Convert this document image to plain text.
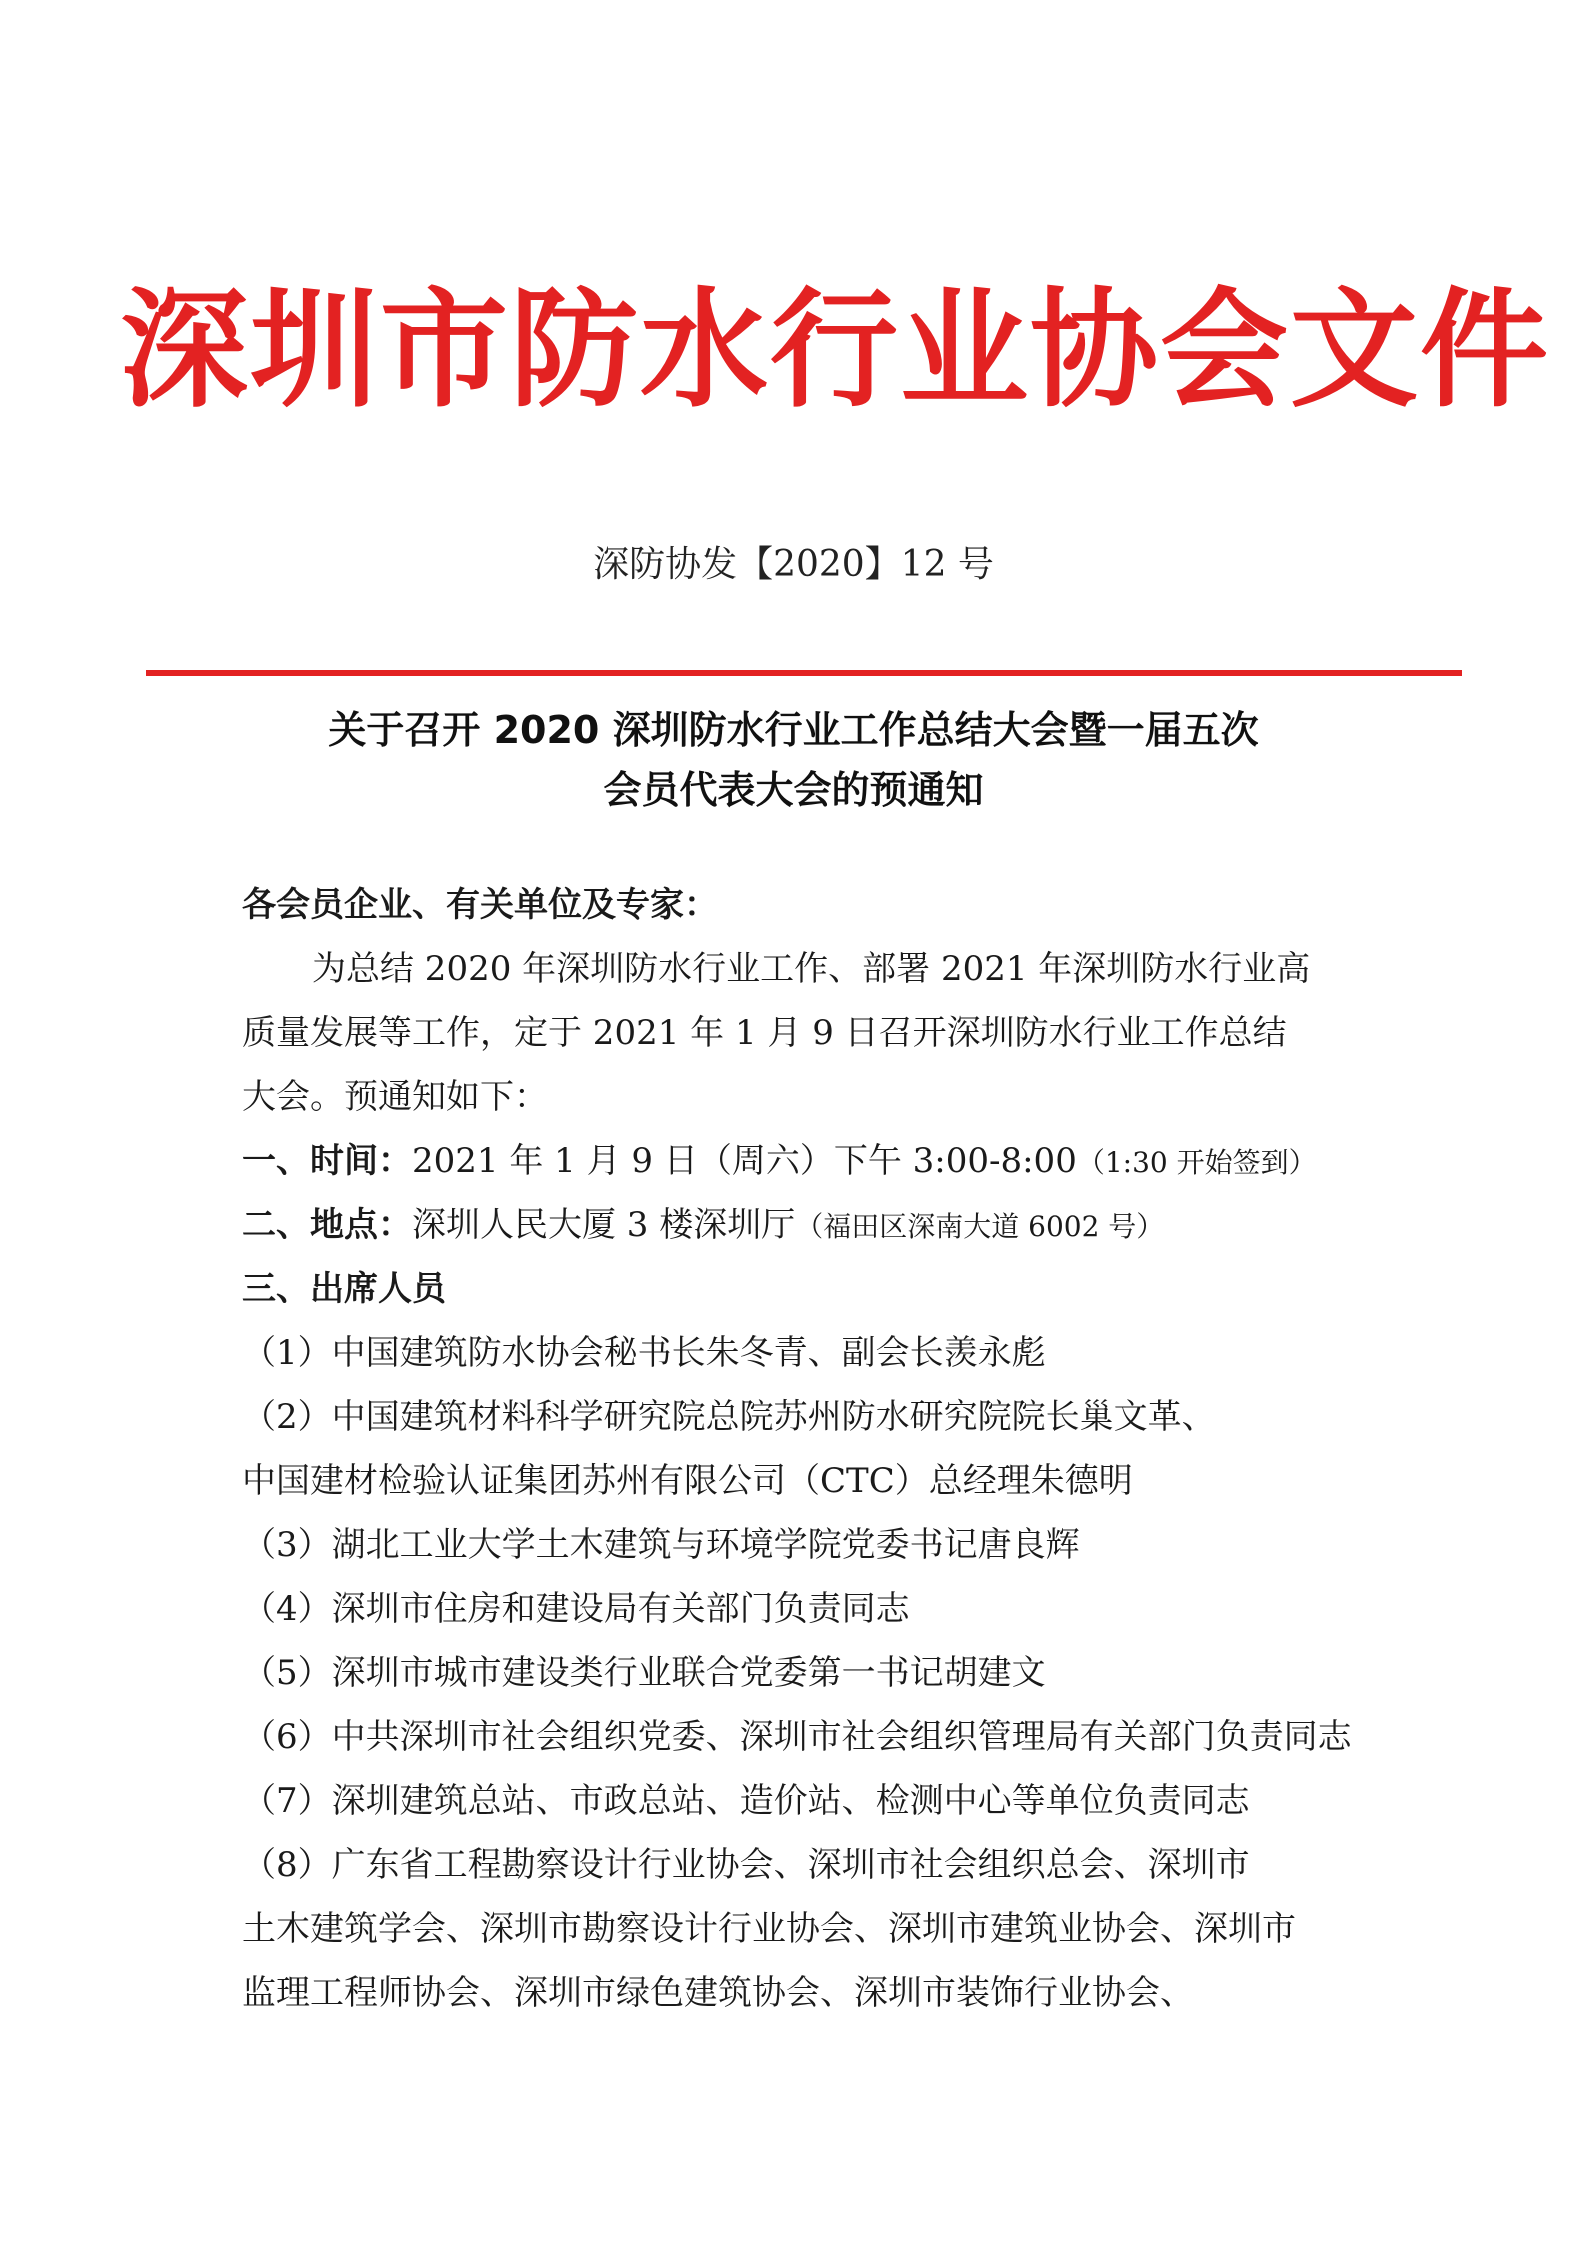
深圳市防水行业协会文件
深防协发【2020】12 号
关于召开 2020 深圳防水行业工作总结大会暨一届五次
会员代表大会的预通知
各会员企业、有关单位及专家：
为总结 2020 年深圳防水行业工作、部署 2021 年深圳防水行业高
质量发展等工作，定于 2021 年 1 月 9 日召开深圳防水行业工作总结
大会。预通知如下：
一、时间：2021 年 1 月 9 日（周六）下午 3:00-8:00（1:30 开始签到）
二、地点：深圳人民大厦 3 楼深圳厅（福田区深南大道 6002 号）
三、出席人员
（1）中国建筑防水协会秘书长朱冬青、副会长羡永彪
（2）中国建筑材料科学研究院总院苏州防水研究院院长巢文革、
中国建材检验认证集团苏州有限公司（CTC）总经理朱德明
（3）湖北工业大学土木建筑与环境学院党委书记唐良辉
（4）深圳市住房和建设局有关部门负责同志
（5）深圳市城市建设类行业联合党委第一书记胡建文
（6）中共深圳市社会组织党委、深圳市社会组织管理局有关部门负责同志
（7）深圳建筑总站、市政总站、造价站、检测中心等单位负责同志
（8）广东省工程勘察设计行业协会、深圳市社会组织总会、深圳市
土木建筑学会、深圳市勘察设计行业协会、深圳市建筑业协会、深圳市
监理工程师协会、深圳市绿色建筑协会、深圳市装饰行业协会、
